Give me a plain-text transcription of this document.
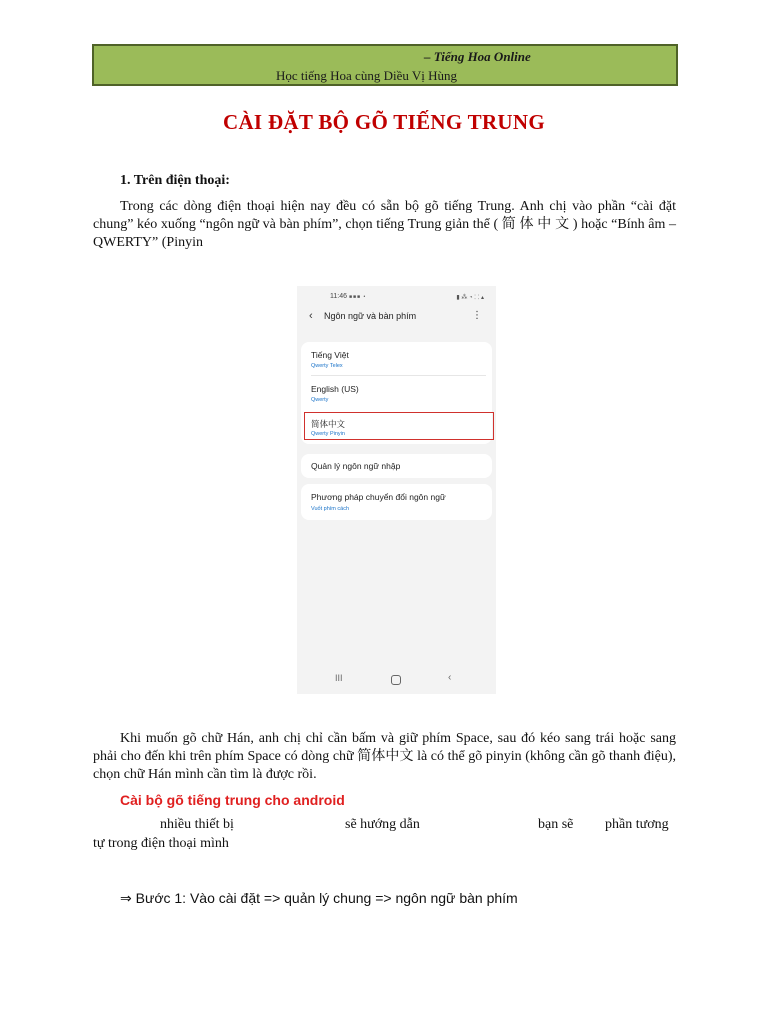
– Tiếng Hoa Online
Học tiếng Hoa cùng Diều Vị Hùng
CÀI ĐẶT BỘ GÕ TIẾNG TRUNG
1. Trên điện thoại:
Trong các dòng điện thoại hiện nay đều có sẵn bộ gõ tiếng Trung. Anh chị vào phần “cài đặt chung” kéo xuống “ngôn ngữ và bàn phím”, chọn tiếng Trung giản thể ( 简 体 中 文 ) hoặc “Bính âm – QWERTY” (Pinyin
11:46 ■■■ •	▮ ⁂ ◔ ⸬ ▴
‹ Ngôn ngữ và bàn phím	⋮
Tiếng Việt
Qwerty Telex
English (US)
Qwerty
简体中文
Qwerty Pinyin
Quản lý ngôn ngữ nhập
Phương pháp chuyển đổi ngôn ngữ
Vuốt phím cách
III	‹
Khi muốn gõ chữ Hán, anh chị chỉ cần bấm và giữ phím Space, sau đó kéo sang trái hoặc sang phải cho đến khi trên phím Space có dòng chữ 简体中文 là có thể gõ pinyin (không cần gõ thanh điệu), chọn chữ Hán mình cần tìm là được rồi.
Cài bộ gõ tiếng trung cho android
nhiều thiết bị	sẽ hướng dẫn	bạn sẽ phần tương
tự trong điện thoại mình
⇒ Bước 1: Vào cài đặt => quản lý chung => ngôn ngữ bàn phím
